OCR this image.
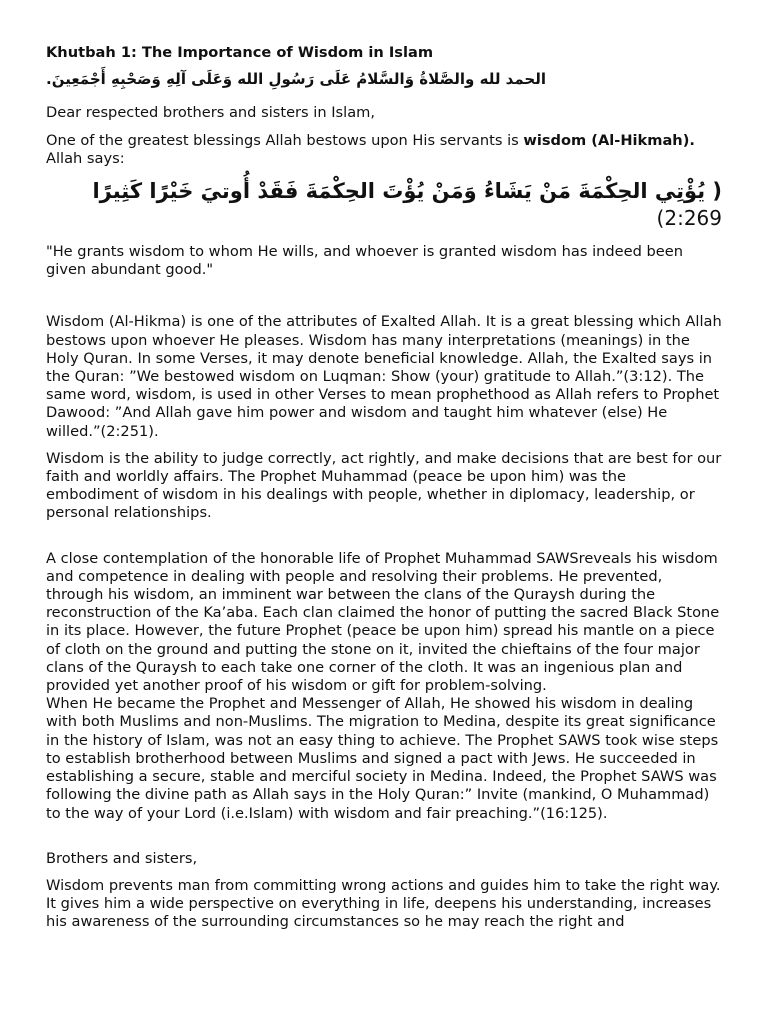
Khutbah 1: The Importance of Wisdom in Islam

الحمد لله والصَّلاةُ وَالسَّلامُ عَلَى رَسُولِ الله وَعَلَى آلِهِ وَصَحْبِهِ أَجْمَعِينَ.

Dear respected brothers and sisters in Islam,

One of the greatest blessings Allah bestows upon His servants is wisdom (Al-Hikmah).
Allah says:

( يُؤْتِي الحِكْمَةَ مَنْ يَشَاءُ وَمَنْ يُؤْتَ الحِكْمَةَ فَقَدْ أُوتيَ خَيْرًا كَثِيرًا

(2:269

"He grants wisdom to whom He wills, and whoever is granted wisdom has indeed been given abundant good."

Wisdom (Al-Hikma) is one of the attributes of Exalted Allah. It is a great blessing which Allah bestows upon whoever He pleases. Wisdom has many interpretations (meanings) in the Holy Quran. In some Verses, it may denote beneficial knowledge. Allah, the Exalted says in the Quran: ”We bestowed wisdom on Luqman: Show (your) gratitude to Allah.”(3:12). The same word, wisdom, is used in other Verses to mean prophethood as Allah refers to Prophet Dawood: ”And Allah gave him power and wisdom and taught him whatever (else) He willed.”(2:251).

Wisdom is the ability to judge correctly, act rightly, and make decisions that are best for our faith and worldly affairs. The Prophet Muhammad (peace be upon him) was the embodiment of wisdom in his dealings with people, whether in diplomacy, leadership, or personal relationships.

A close contemplation of the honorable life of Prophet Muhammad SAWSreveals his wisdom and competence in dealing with people and resolving their problems. He prevented, through his wisdom, an imminent war between the clans of the Quraysh during the reconstruction of the Ka’aba. Each clan claimed the honor of putting the sacred Black Stone in its place. However, the future Prophet (peace be upon him) spread his mantle on a piece of cloth on the ground and putting the stone on it, invited the chieftains of the four major clans of the Quraysh to each take one corner of the cloth. It was an ingenious plan and provided yet another proof of his wisdom or gift for problem-solving.

When He became the Prophet and Messenger of Allah, He showed his wisdom in dealing with both Muslims and non-Muslims. The migration to Medina, despite its great significance in the history of Islam, was not an easy thing to achieve. The Prophet SAWS took wise steps to establish brotherhood between Muslims and signed a pact with Jews. He succeeded in establishing a secure, stable and merciful society in Medina. Indeed, the Prophet SAWS was following the divine path as Allah says in the Holy Quran:” Invite (mankind, O Muhammad) to the way of your Lord (i.e.Islam) with wisdom and fair preaching.”(16:125).

Brothers and sisters,

Wisdom prevents man from committing wrong actions and guides him to take the right way. It gives him a wide perspective on everything in life, deepens his understanding, increases his awareness of the surrounding circumstances so he may reach the right and
